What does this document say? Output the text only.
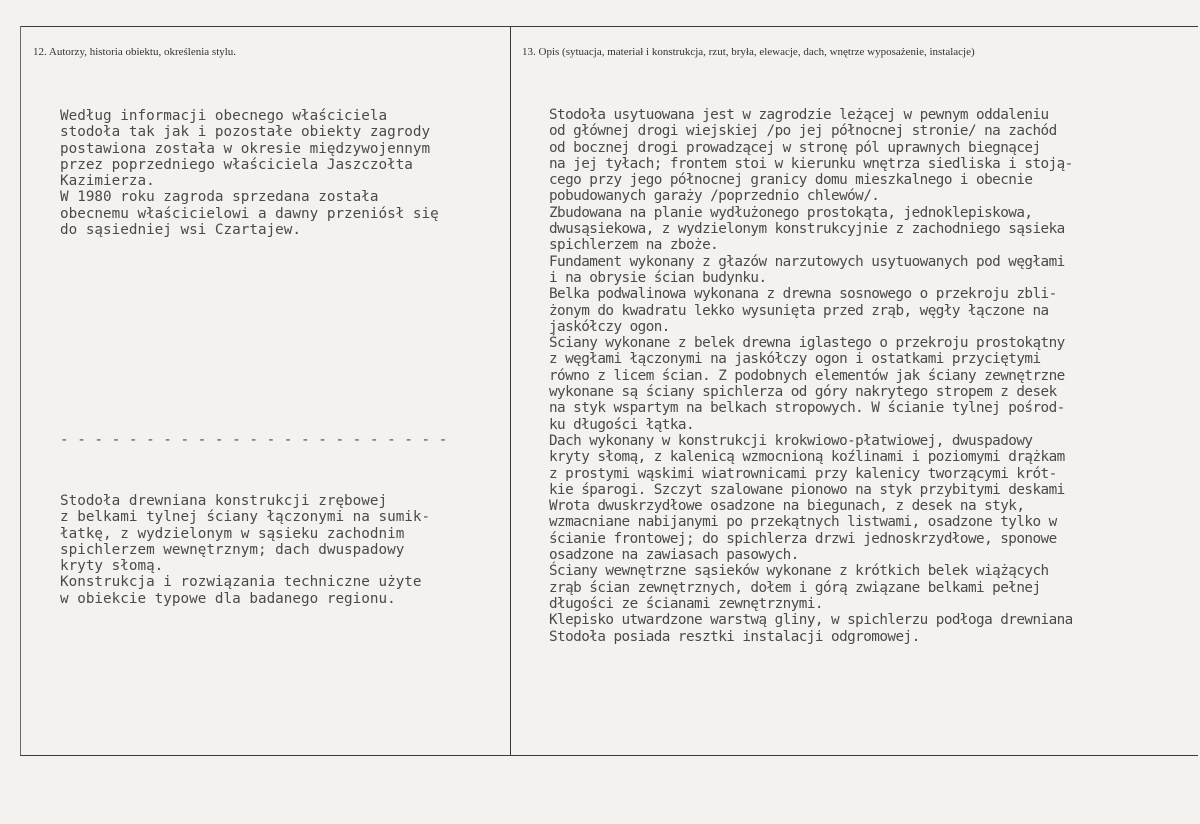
12. Autorzy, historia obiektu, określenia stylu.	13. Opis (sytuacja, materiał i konstrukcja, rzut, bryła, elewacje, dach, wnętrze wyposażenie, instalacje)
Według informacji obecnego właściciela
stodoła tak jak i pozostałe obiekty zagrody
postawiona została w okresie międzywojennym
przez poprzedniego właściciela Jaszczołta
Kazimierza.
W 1980 roku zagroda sprzedana została
obecnemu właścicielowi a dawny przeniósł się
do sąsiedniej wsi Czartajew.
- - - - - - - - - - - - - - - - - - - - - - -
Stodoła drewniana konstrukcji zrębowej
z belkami tylnej ściany łączonymi na sumik-
łatkę, z wydzielonym w sąsieku zachodnim
spichlerzem wewnętrznym; dach dwuspadowy
kryty słomą.
Konstrukcja i rozwiązania techniczne użyte
w obiekcie typowe dla badanego regionu.
Stodoła usytuowana jest w zagrodzie leżącej w pewnym oddaleniu
od głównej drogi wiejskiej /po jej północnej stronie/ na zachód
od bocznej drogi prowadzącej w stronę pól uprawnych biegnącej
na jej tyłach; frontem stoi w kierunku wnętrza siedliska i stoją-
cego przy jego północnej granicy domu mieszkalnego i obecnie
pobudowanych garaży /poprzednio chlewów/.
Zbudowana na planie wydłużonego prostokąta, jednoklepiskowa,
dwusąsiekowa, z wydzielonym konstrukcyjnie z zachodniego sąsieka
spichlerzem na zboże.
Fundament wykonany z głazów narzutowych usytuowanych pod węgłami
i na obrysie ścian budynku.
Belka podwalinowa wykonana z drewna sosnowego o przekroju zbli-
żonym do kwadratu lekko wysunięta przed zrąb, węgły łączone na
jaskółczy ogon.
Ściany wykonane z belek drewna iglastego o przekroju prostokątny
z węgłami łączonymi na jaskółczy ogon i ostatkami przyciętymi
równo z licem ścian. Z podobnych elementów jak ściany zewnętrzne
wykonane są ściany spichlerza od góry nakrytego stropem z desek
na styk wspartym na belkach stropowych. W ścianie tylnej pośrod-
ku długości łątka.
Dach wykonany w konstrukcji krokwiowo-płatwiowej, dwuspadowy
kryty słomą, z kalenicą wzmocnioną koźlinami i poziomymi drążkam
z prostymi wąskimi wiatrownicami przy kalenicy tworzącymi krót-
kie śparogi. Szczyt szalowane pionowo na styk przybitymi deskami
Wrota dwuskrzydłowe osadzone na biegunach, z desek na styk,
wzmacniane nabijanymi po przekątnych listwami, osadzone tylko w
ścianie frontowej; do spichlerza drzwi jednoskrzydłowe, sponowe
osadzone na zawiasach pasowych.
Ściany wewnętrzne sąsieków wykonane z krótkich belek wiążących
zrąb ścian zewnętrznych, dołem i górą związane belkami pełnej
długości ze ścianami zewnętrznymi.
Klepisko utwardzone warstwą gliny, w spichlerzu podłoga drewniana
Stodoła posiada resztki instalacji odgromowej.
